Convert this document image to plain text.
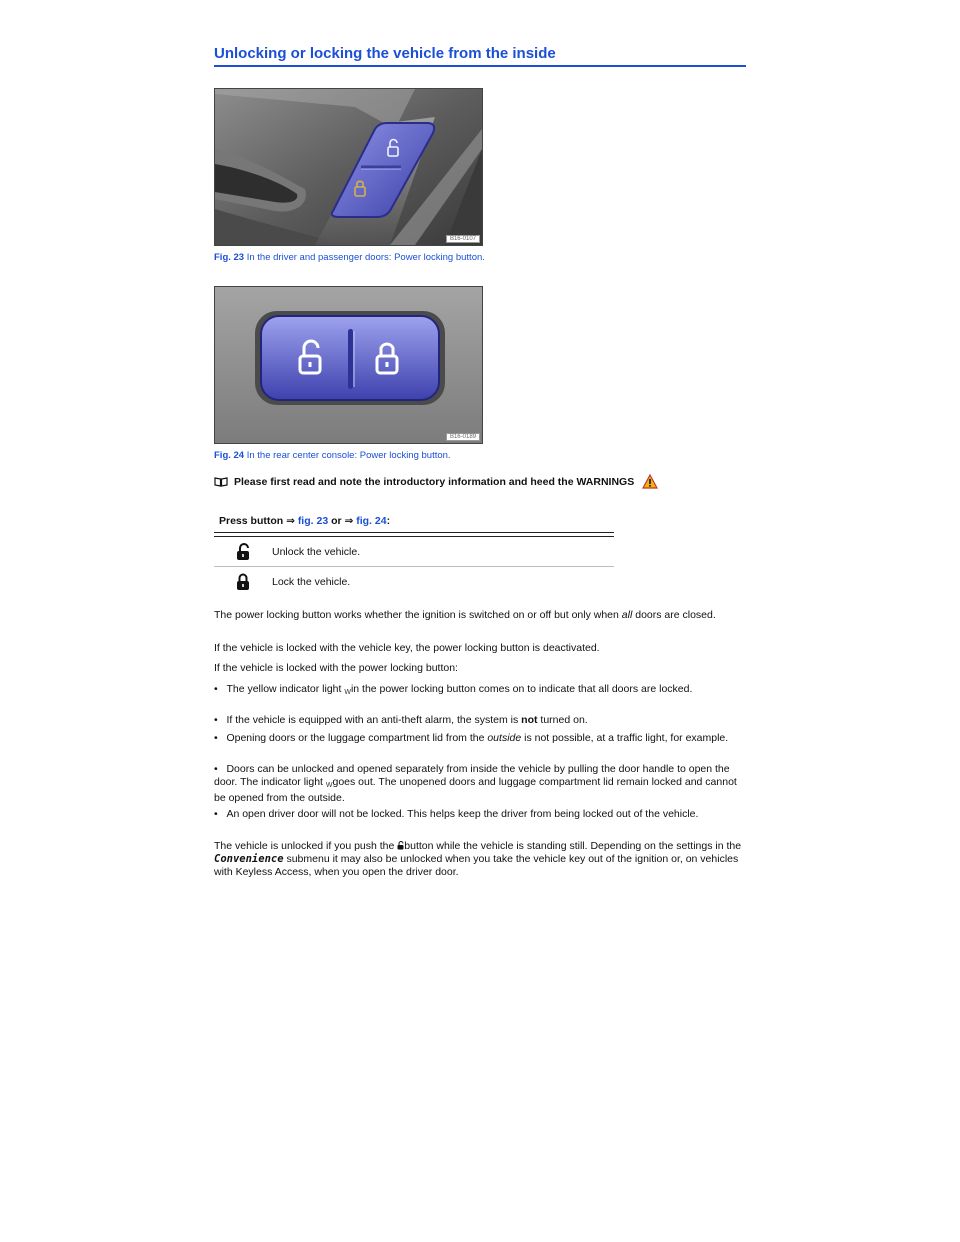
Unlocking or locking the vehicle from the inside
B16-0107
Fig. 23 In the driver and passenger doors: Power locking button.
B16-0189
Fig. 24 In the rear center console: Power locking button.
Please first read and note the introductory information and heed the WARNINGS
Press button ⇒ fig. 23 or ⇒ fig. 24:
Unlock the vehicle.
Lock the vehicle.

The power locking button works whether the ignition is switched on or off but only when all doors are closed.

If the vehicle is locked with the vehicle key, the power locking button is deactivated.

If the vehicle is locked with the power locking button:

•   The yellow indicator light Win the power locking button comes on to indicate that all doors are locked.

•   If the vehicle is equipped with an anti-theft alarm, the system is not turned on.

•   Opening doors or the luggage compartment lid from the outside is not possible, at a traffic light, for example.

•   Doors can be unlocked and opened separately from inside the vehicle by pulling the door handle to open the door. The indicator light Wgoes out. The unopened doors and luggage compartment lid remain locked and cannot be opened from the outside.

•   An open driver door will not be locked. This helps keep the driver from being locked out of the vehicle.

The vehicle is unlocked if you push the button while the vehicle is standing still. Depending on the settings in the Convenience submenu it may also be unlocked when you take the vehicle key out of the ignition or, on vehicles with Keyless Access, when you open the driver door.
